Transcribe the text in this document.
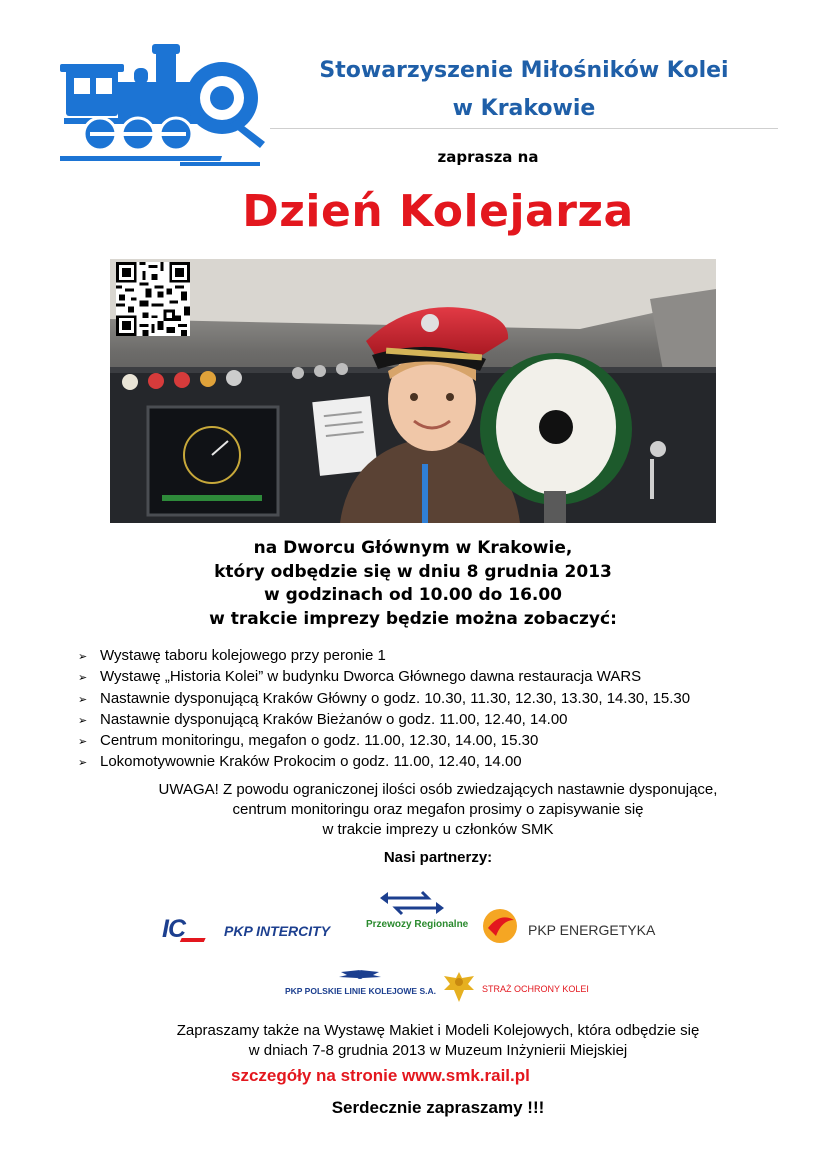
Stowarzyszenie Miłośników Kolei
w Krakowie
zaprasza na
Dzień Kolejarza
na Dworcu Głównym w Krakowie,
który odbędzie się w dniu 8 grudnia 2013
w godzinach od 10.00 do 16.00
w trakcie imprezy będzie można zobaczyć:
➢ Wystawę taboru kolejowego przy peronie 1
➢ Wystawę „Historia Kolei” w budynku Dworca Głównego dawna restauracja WARS
➢ Nastawnie dysponującą Kraków Główny o godz. 10.30, 11.30, 12.30, 13.30, 14.30, 15.30
➢ Nastawnie dysponującą Kraków Bieżanów o godz. 11.00, 12.40, 14.00
➢ Centrum monitoringu, megafon o godz. 11.00, 12.30, 14.00, 15.30
➢ Lokomotywownie Kraków Prokocim o godz. 11.00, 12.40, 14.00
UWAGA! Z powodu ograniczonej ilości osób zwiedzających nastawnie dysponujące,
centrum monitoringu oraz megafon prosimy o zapisywanie się
w trakcie imprezy u członków SMK
Nasi partnerzy:
IC	PKP INTERCITY	Przewozy Regionalne	PKP ENERGETYKA
PKP POLSKIE LINIE KOLEJOWE S.A.	STRAŻ OCHRONY KOLEI
Zapraszamy także na Wystawę Makiet i Modeli Kolejowych, która odbędzie się
w dniach 7-8 grudnia 2013 w Muzeum Inżynierii Miejskiej
szczegóły na stronie www.smk.rail.pl
Serdecznie zapraszamy !!!
